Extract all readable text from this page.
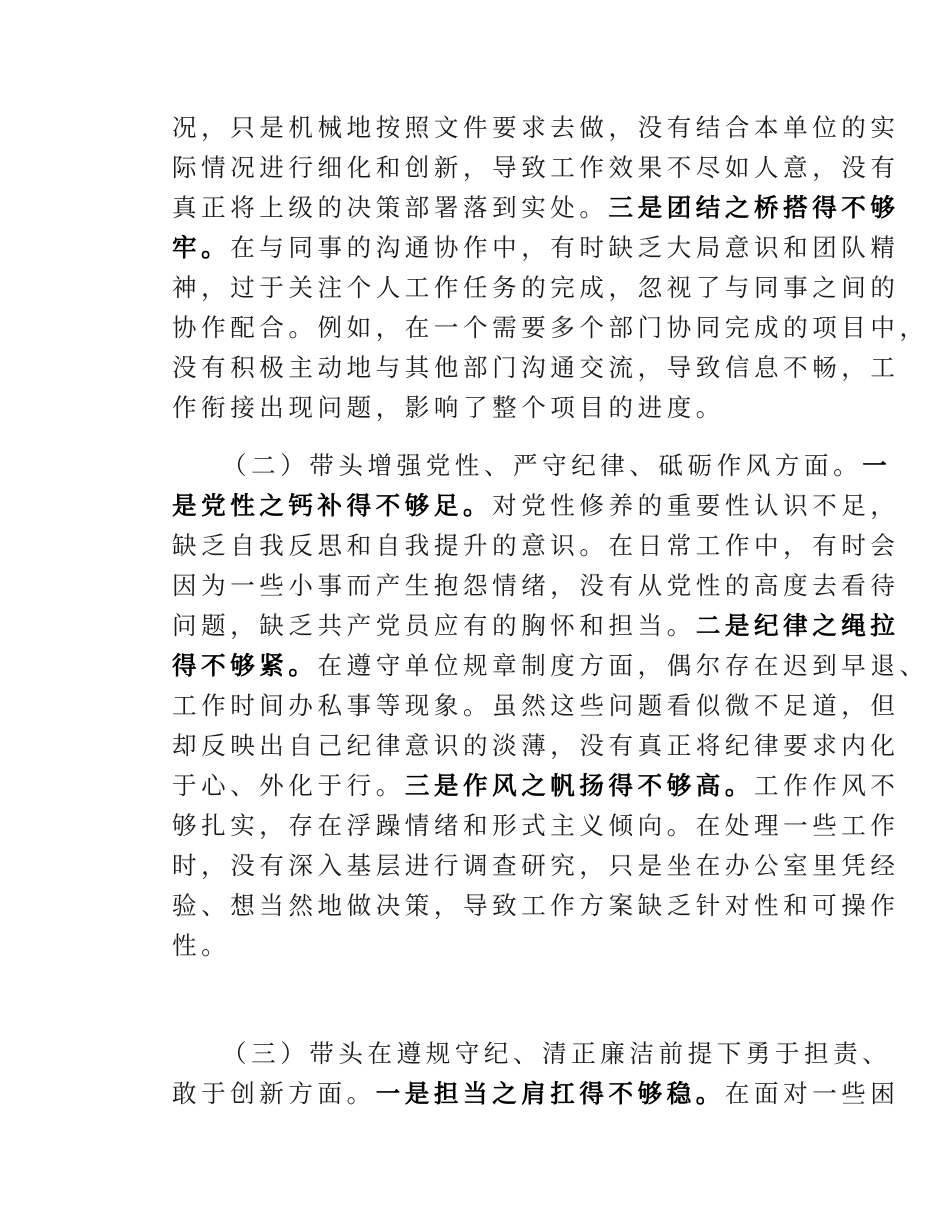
况，只是机械地按照文件要求去做，没有结合本单位的实
际情况进行细化和创新，导致工作效果不尽如人意，没有
真正将上级的决策部署落到实处。三是团结之桥搭得不够
牢。在与同事的沟通协作中，有时缺乏大局意识和团队精
神，过于关注个人工作任务的完成，忽视了与同事之间的
协作配合。例如，在一个需要多个部门协同完成的项目中，
没有积极主动地与其他部门沟通交流，导致信息不畅，工
作衔接出现问题，影响了整个项目的进度。
（二）带头增强党性、严守纪律、砥砺作风方面。一
是党性之钙补得不够足。对党性修养的重要性认识不足，
缺乏自我反思和自我提升的意识。在日常工作中，有时会
因为一些小事而产生抱怨情绪，没有从党性的高度去看待
问题，缺乏共产党员应有的胸怀和担当。二是纪律之绳拉
得不够紧。在遵守单位规章制度方面，偶尔存在迟到早退、
工作时间办私事等现象。虽然这些问题看似微不足道，但
却反映出自己纪律意识的淡薄，没有真正将纪律要求内化
于心、外化于行。三是作风之帆扬得不够高。工作作风不
够扎实，存在浮躁情绪和形式主义倾向。在处理一些工作
时，没有深入基层进行调查研究，只是坐在办公室里凭经
验、想当然地做决策，导致工作方案缺乏针对性和可操作
性。
（三）带头在遵规守纪、清正廉洁前提下勇于担责、
敢于创新方面。一是担当之肩扛得不够稳。在面对一些困
